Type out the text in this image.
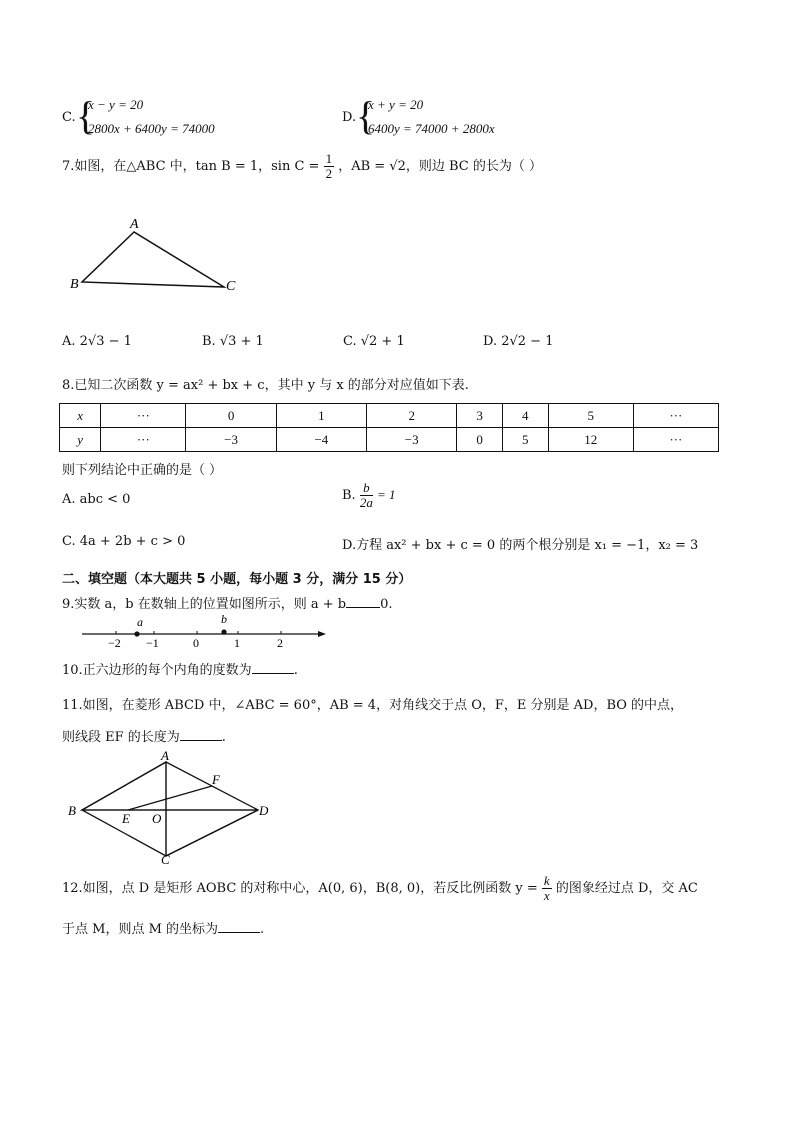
C. {
x − y = 20
2800x + 6400y = 74000
D. {
x + y = 20
6400y = 74000 + 2800x
7.如图，在△ABC 中，tan B = 1，$\sin C = \frac{1}{2}$ ，AB = √2，则边 BC 的长为（ ）
A
B	C
A. 2√3 − 1	B. √3 + 1	C. √2 + 1	D. 2√2 − 1
8.已知二次函数 y = ax² + bx + c，其中 y 与 x 的部分对应值如下表.
x	···	0	1	2	3	4	5	···
y	···	−3	−4	−3	0	5	12	···
则下列结论中正确的是（ ）
A. abc < 0	B. $\frac{b}{2a} = 1$
C. 4a + 2b + c > 0	D.方程 ax² + bx + c = 0 的两个根分别是 x₁ = −1，x₂ = 3
二、填空题（本大题共 5 小题，每小题 3 分，满分 15 分）
9.实数 a，b 在数轴上的位置如图所示，则 a + b	0.
a	b
−2 −1	0	1	2
10.正六边形的每个内角的度数为	.
11.如图，在菱形 ABCD 中，∠ABC = 60°，AB = 4，对角线交于点 O，F，E 分别是 AD，BO 的中点，
则线段 EF 的长度为	.
A
B
C
D
E
F
O
12.如图，点 D 是矩形 AOBC 的对称中心，A(0, 6)，B(8, 0)，若反比例函数 $y = \frac{k}{x}$ 的图象经过点 D，交 AC
于点 M，则点 M 的坐标为	.
